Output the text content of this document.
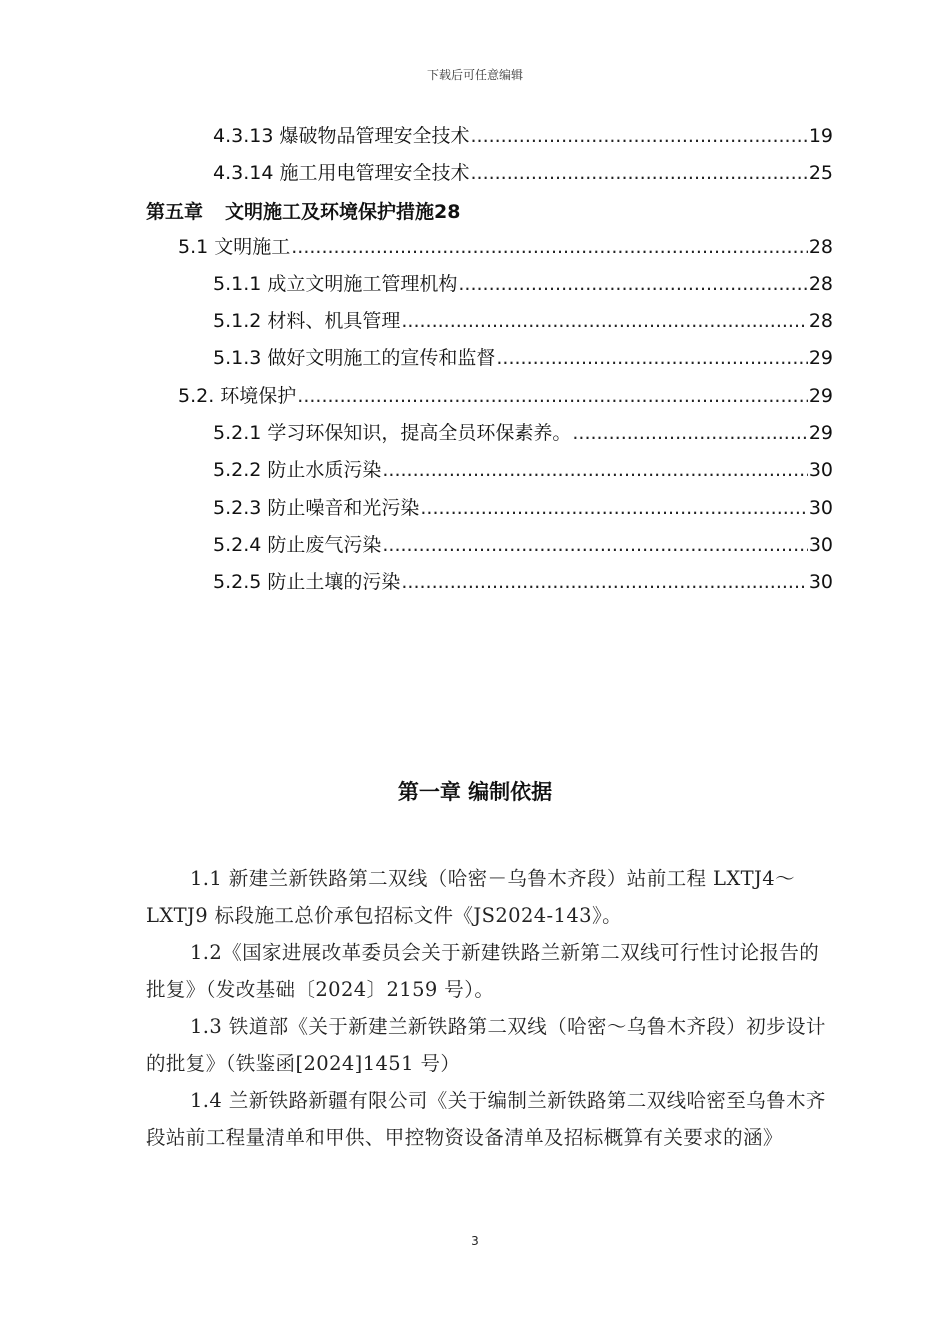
下载后可任意编辑
4.3.13 爆破物品管理安全技术 .....	19
4.3.14 施工用电管理安全技术 .....	25
第五章 文明施工及环境保护措施28
5.1 文明施工 .....	28
5.1.1 成立文明施工管理机构 .....	28
5.1.2 材料、机具管理 .....	28
5.1.3 做好文明施工的宣传和监督 .....	29
5.2. 环境保护 .....	29
5.2.1 学习环保知识，提高全员环保素养。 .....	29
5.2.2 防止水质污染 .....	30
5.2.3 防止噪音和光污染 .....	30
5.2.4 防止废气污染 .....	30
5.2.5 防止土壤的污染 .....	30
第一章 编制依据
1.1 新建兰新铁路第二双线（哈密－乌鲁木齐段）站前工程 LXTJ4～LXTJ9 标段施工总价承包招标文件《JS2024-143》。
1.2《国家进展改革委员会关于新建铁路兰新第二双线可行性讨论报告的批复》（发改基础〔2024〕2159 号）。
1.3 铁道部《关于新建兰新铁路第二双线（哈密～乌鲁木齐段）初步设计的批复》（铁鉴函[2024]1451 号）
1.4 兰新铁路新疆有限公司《关于编制兰新铁路第二双线哈密至乌鲁木齐段站前工程量清单和甲供、甲控物资设备清单及招标概算有关要求的涵》
3
